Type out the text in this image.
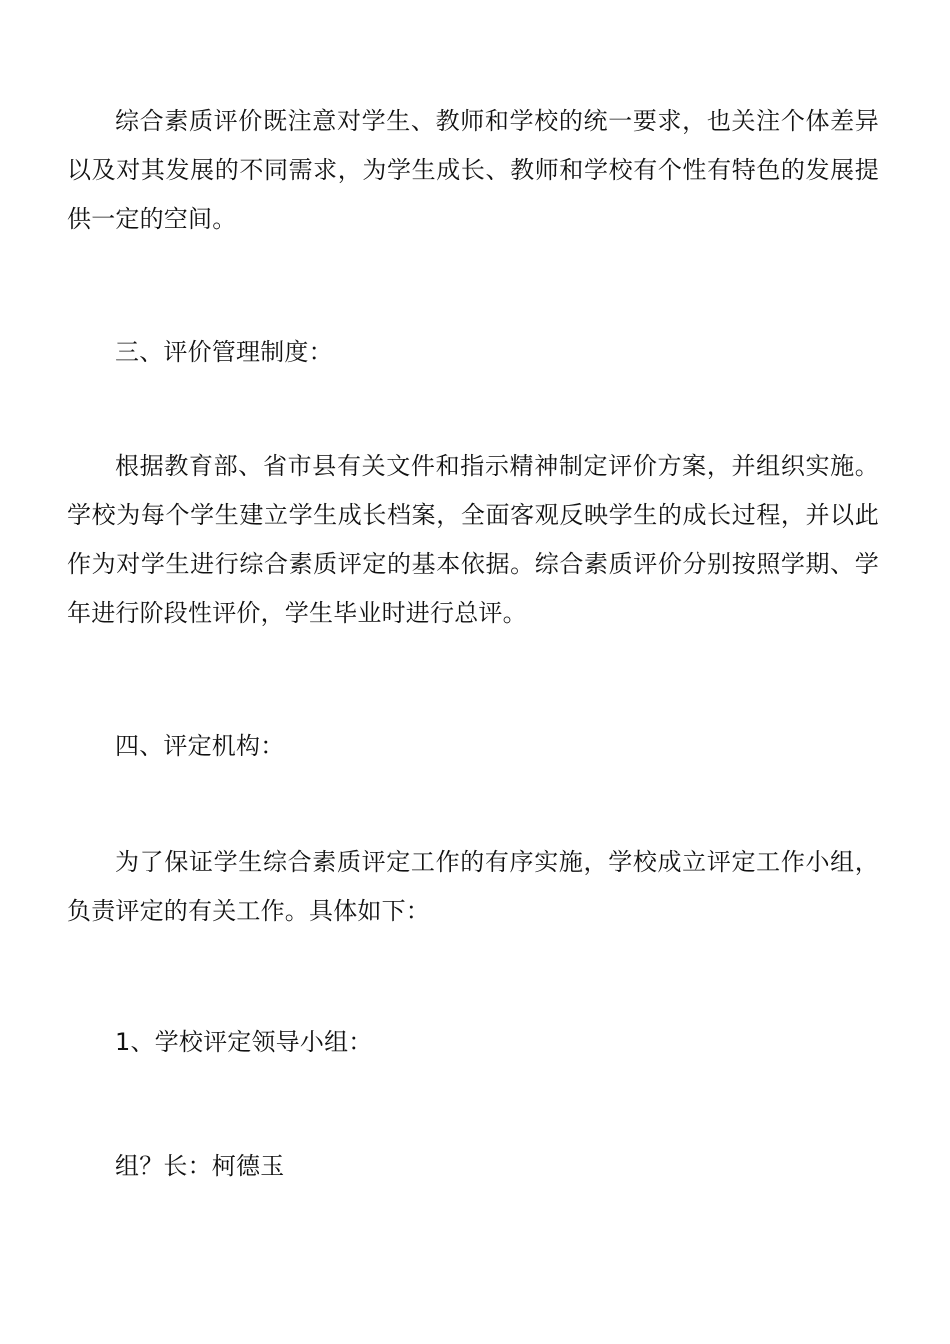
综合素质评价既注意对学生、教师和学校的统一要求，也关注个体差异以及对其发展的不同需求，为学生成长、教师和学校有个性有特色的发展提供一定的空间。

三、评价管理制度：

根据教育部、省市县有关文件和指示精神制定评价方案，并组织实施。学校为每个学生建立学生成长档案，全面客观反映学生的成长过程，并以此作为对学生进行综合素质评定的基本依据。综合素质评价分别按照学期、学年进行阶段性评价，学生毕业时进行总评。

四、评定机构：

为了保证学生综合素质评定工作的有序实施，学校成立评定工作小组，负责评定的有关工作。具体如下：

1、学校评定领导小组：

组？长：柯德玉
